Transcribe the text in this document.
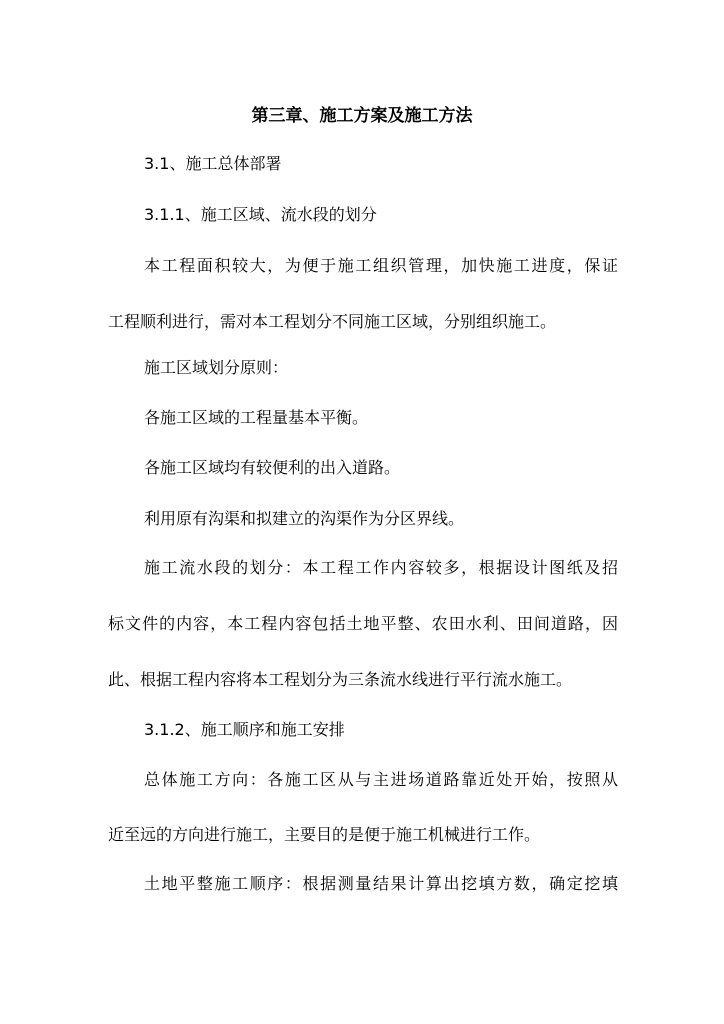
第三章、施工方案及施工方法
3.1、施工总体部署
3.1.1、施工区域、流水段的划分
本工程面积较大，为便于施工组织管理，加快施工进度，保证
工程顺利进行，需对本工程划分不同施工区域，分别组织施工。
施工区域划分原则：
各施工区域的工程量基本平衡。
各施工区域均有较便利的出入道路。
利用原有沟渠和拟建立的沟渠作为分区界线。
施工流水段的划分：本工程工作内容较多，根据设计图纸及招
标文件的内容，本工程内容包括土地平整、农田水利、田间道路，因
此、根据工程内容将本工程划分为三条流水线进行平行流水施工。
3.1.2、施工顺序和施工安排
总体施工方向：各施工区从与主进场道路靠近处开始，按照从
近至远的方向进行施工，主要目的是便于施工机械进行工作。
土地平整施工顺序：根据测量结果计算出挖填方数，确定挖填
